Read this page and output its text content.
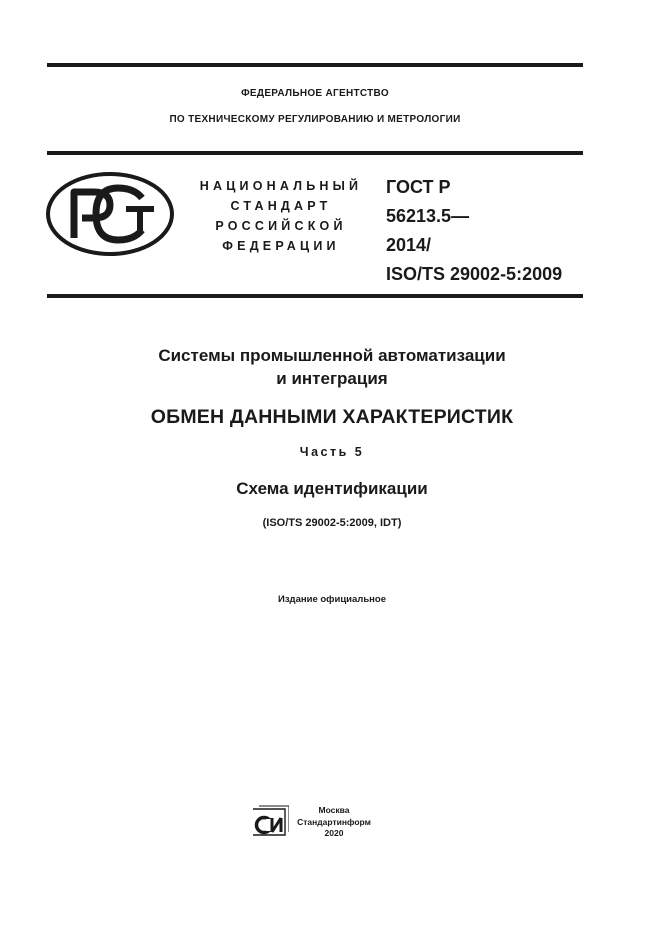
ФЕДЕРАЛЬНОЕ АГЕНТСТВО
ПО ТЕХНИЧЕСКОМУ РЕГУЛИРОВАНИЮ И МЕТРОЛОГИИ
НАЦИОНАЛЬНЫЙ
СТАНДАРТ
РОССИЙСКОЙ
ФЕДЕРАЦИИ
ГОСТ Р
56213.5—
2014/
ISO/TS 29002-5:2009
Системы промышленной автоматизации
и интеграция
ОБМЕН ДАННЫМИ ХАРАКТЕРИСТИК
Часть 5
Схема идентификации
(ISO/TS 29002-5:2009, IDT)
Издание официальное
Москва
Стандартинформ
2020
